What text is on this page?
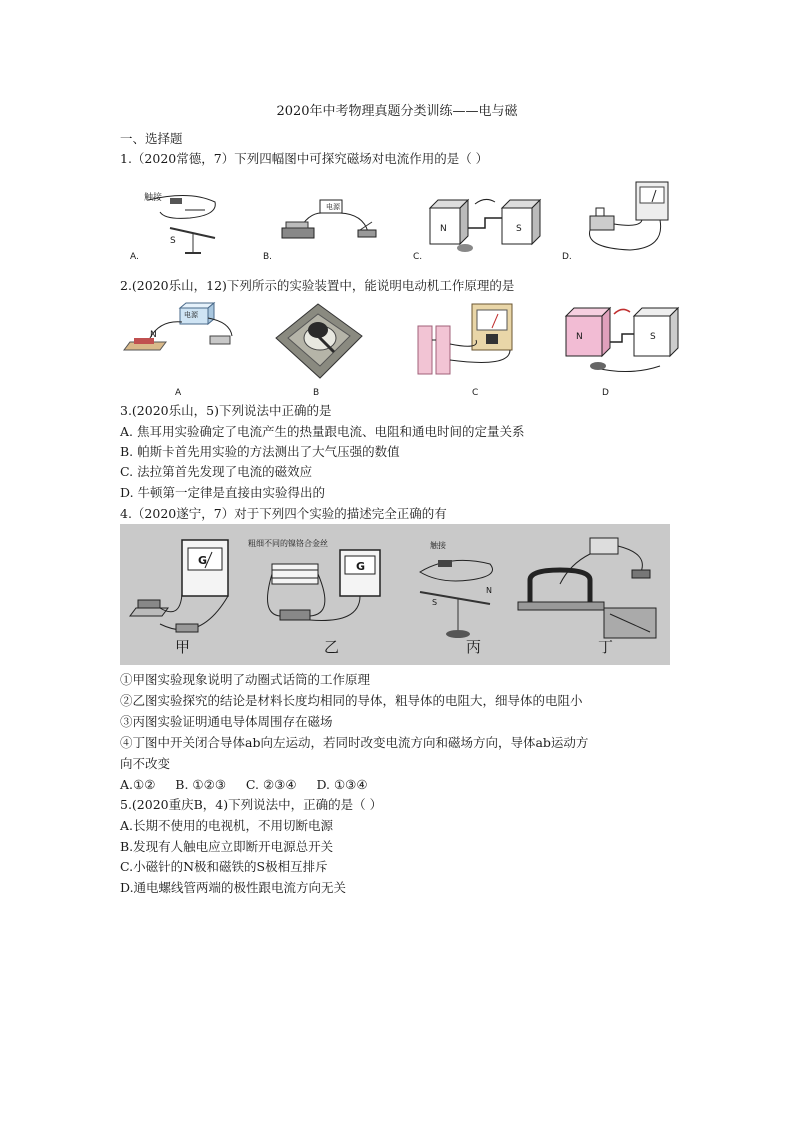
2020年中考物理真题分类训练——电与磁
一、选择题
1.（2020常德，7）下列四幅图中可探究磁场对电流作用的是（ ）
触接
S
A.
电源
B.
N	S
C.	D.
2.(2020乐山，12)下列所示的实验装置中，能说明电动机工作原理的是
电源
N
A	B	C
N	S
D
3.(2020乐山，5)下列说法中正确的是
A. 焦耳用实验确定了电流产生的热量跟电流、电阻和通电时间的定量关系
B. 帕斯卡首先用实验的方法测出了大气压强的数值
C. 法拉第首先发现了电流的磁效应
D. 牛顿第一定律是直接由实验得出的
4.（2020遂宁，7）对于下列四个实验的描述完全正确的有
G	G
粗细不同的镍铬合金丝	触接
S
N
甲	乙	丙	丁
①甲图实验现象说明了动圈式话筒的工作原理
②乙图实验探究的结论是材料长度均相同的导体，粗导体的电阻大，细导体的电阻小
③丙图实验证明通电导体周围存在磁场
④丁图中开关闭合导体ab向左运动，若同时改变电流方向和磁场方向，导体ab运动方
向不改变
A.①②     B. ①②③     C. ②③④     D. ①③④
5.(2020重庆B，4)下列说法中，正确的是（ ）
A.长期不使用的电视机，不用切断电源
B.发现有人触电应立即断开电源总开关
C.小磁针的N极和磁铁的S极相互排斥
D.通电螺线管两端的极性跟电流方向无关
